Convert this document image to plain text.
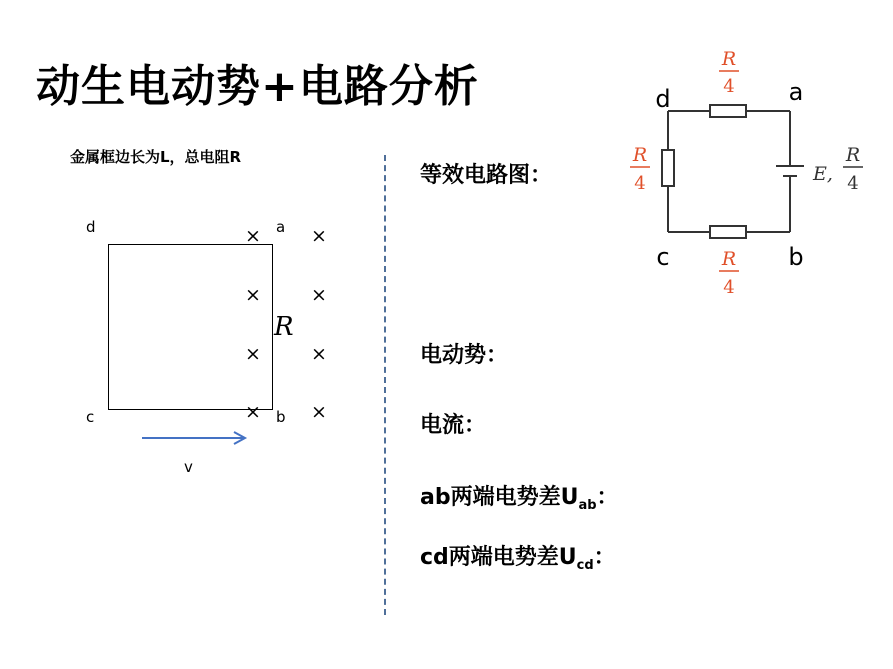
动生电动势+电路分析
金属框边长为L，总电阻R
d	a
c	b
×	×
×	×
×	×
×	×
R
v
等效电路图：
电动势：
电流：
ab两端电势差$U_{ab}$：
cd两端电势差$U_{cd}$：
d	a
c	b
R
4
R
4
R
4
E,
R
4
